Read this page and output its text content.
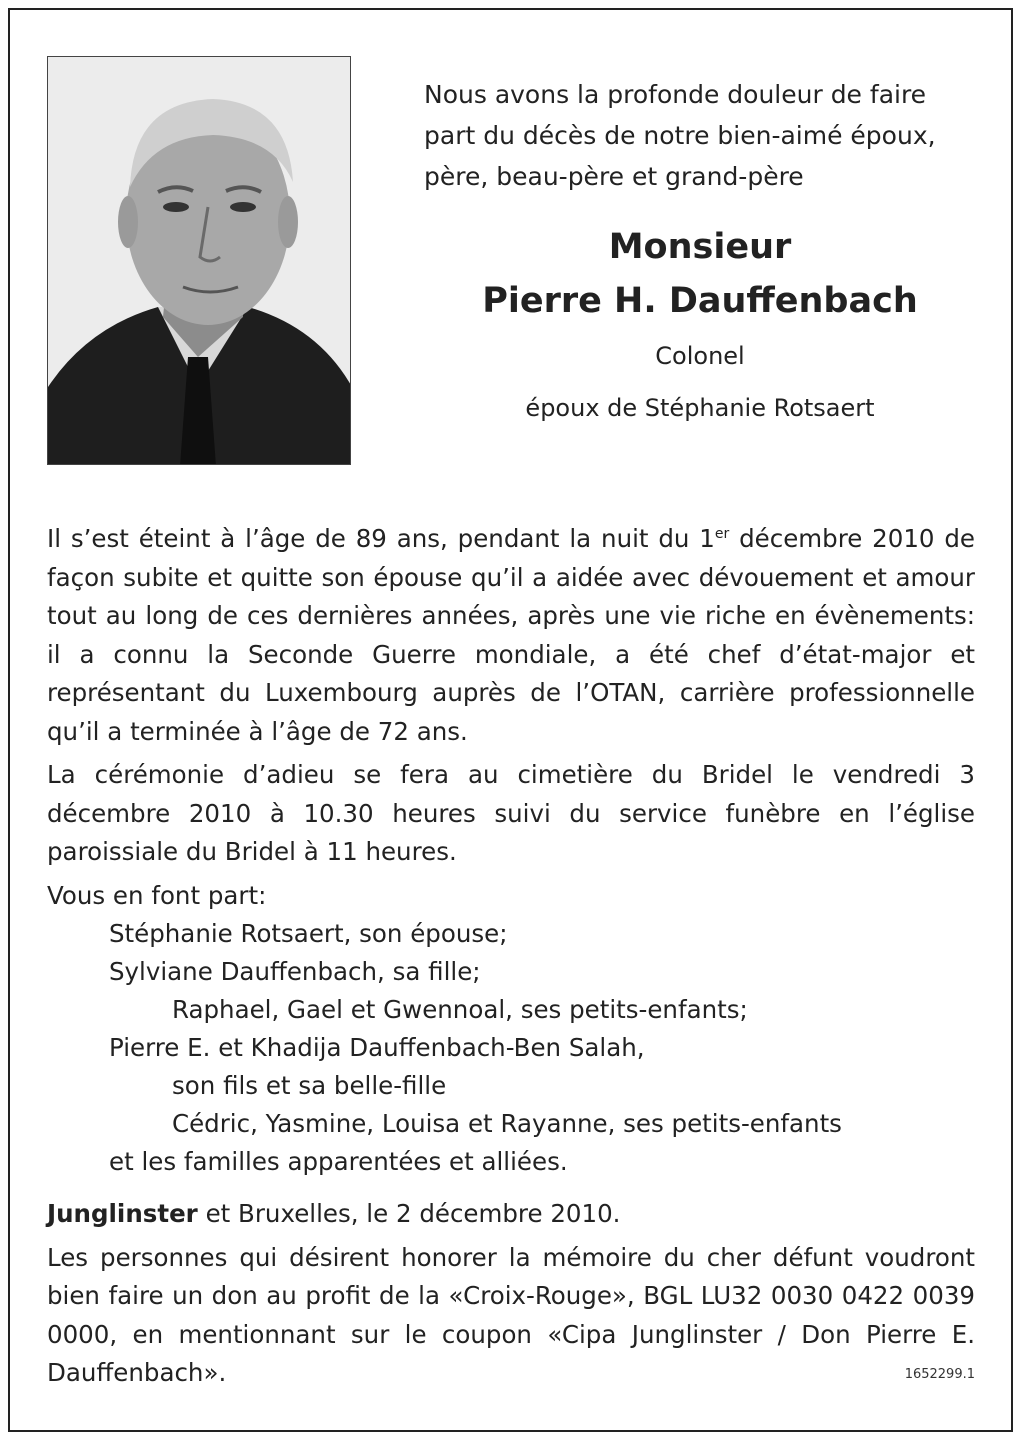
Nous avons la profonde douleur de faire part du décès de notre bien-aimé époux, père, beau-père et grand-père
Monsieur
Pierre H. Dauffenbach
Colonel
époux de Stéphanie Rotsaert

Il s’est éteint à l’âge de 89 ans, pendant la nuit du 1er décembre 2010 de façon subite et quitte son épouse qu’il a aidée avec dévouement et amour tout au long de ces dernières années, après une vie riche en évènements: il a connu la Seconde Guerre mondiale, a été chef d’état-major et représentant du Luxembourg auprès de l’OTAN, carrière professionnelle qu’il a terminée à l’âge de 72 ans.

La cérémonie d’adieu se fera au cimetière du Bridel le vendredi 3 décembre 2010 à 10.30 heures suivi du service funèbre en l’église paroissiale du Bridel à 11 heures.

Vous en font part:

Stéphanie Rotsaert, son épouse;
Sylviane Dauffenbach, sa fille;
Raphael, Gael et Gwennoal, ses petits-enfants;
Pierre E. et Khadija Dauffenbach-Ben Salah,
son fils et sa belle-fille
Cédric, Yasmine, Louisa et Rayanne, ses petits-enfants
et les familles apparentées et alliées.

Junglinster et Bruxelles, le 2 décembre 2010.

Les personnes qui désirent honorer la mémoire du cher défunt voudront bien faire un don au profit de la «Croix-Rouge», BGL LU32 0030 0422 0039 0000, en mentionnant sur le coupon «Cipa Junglinster / Don Pierre E. Dauffenbach».	1652299.1
